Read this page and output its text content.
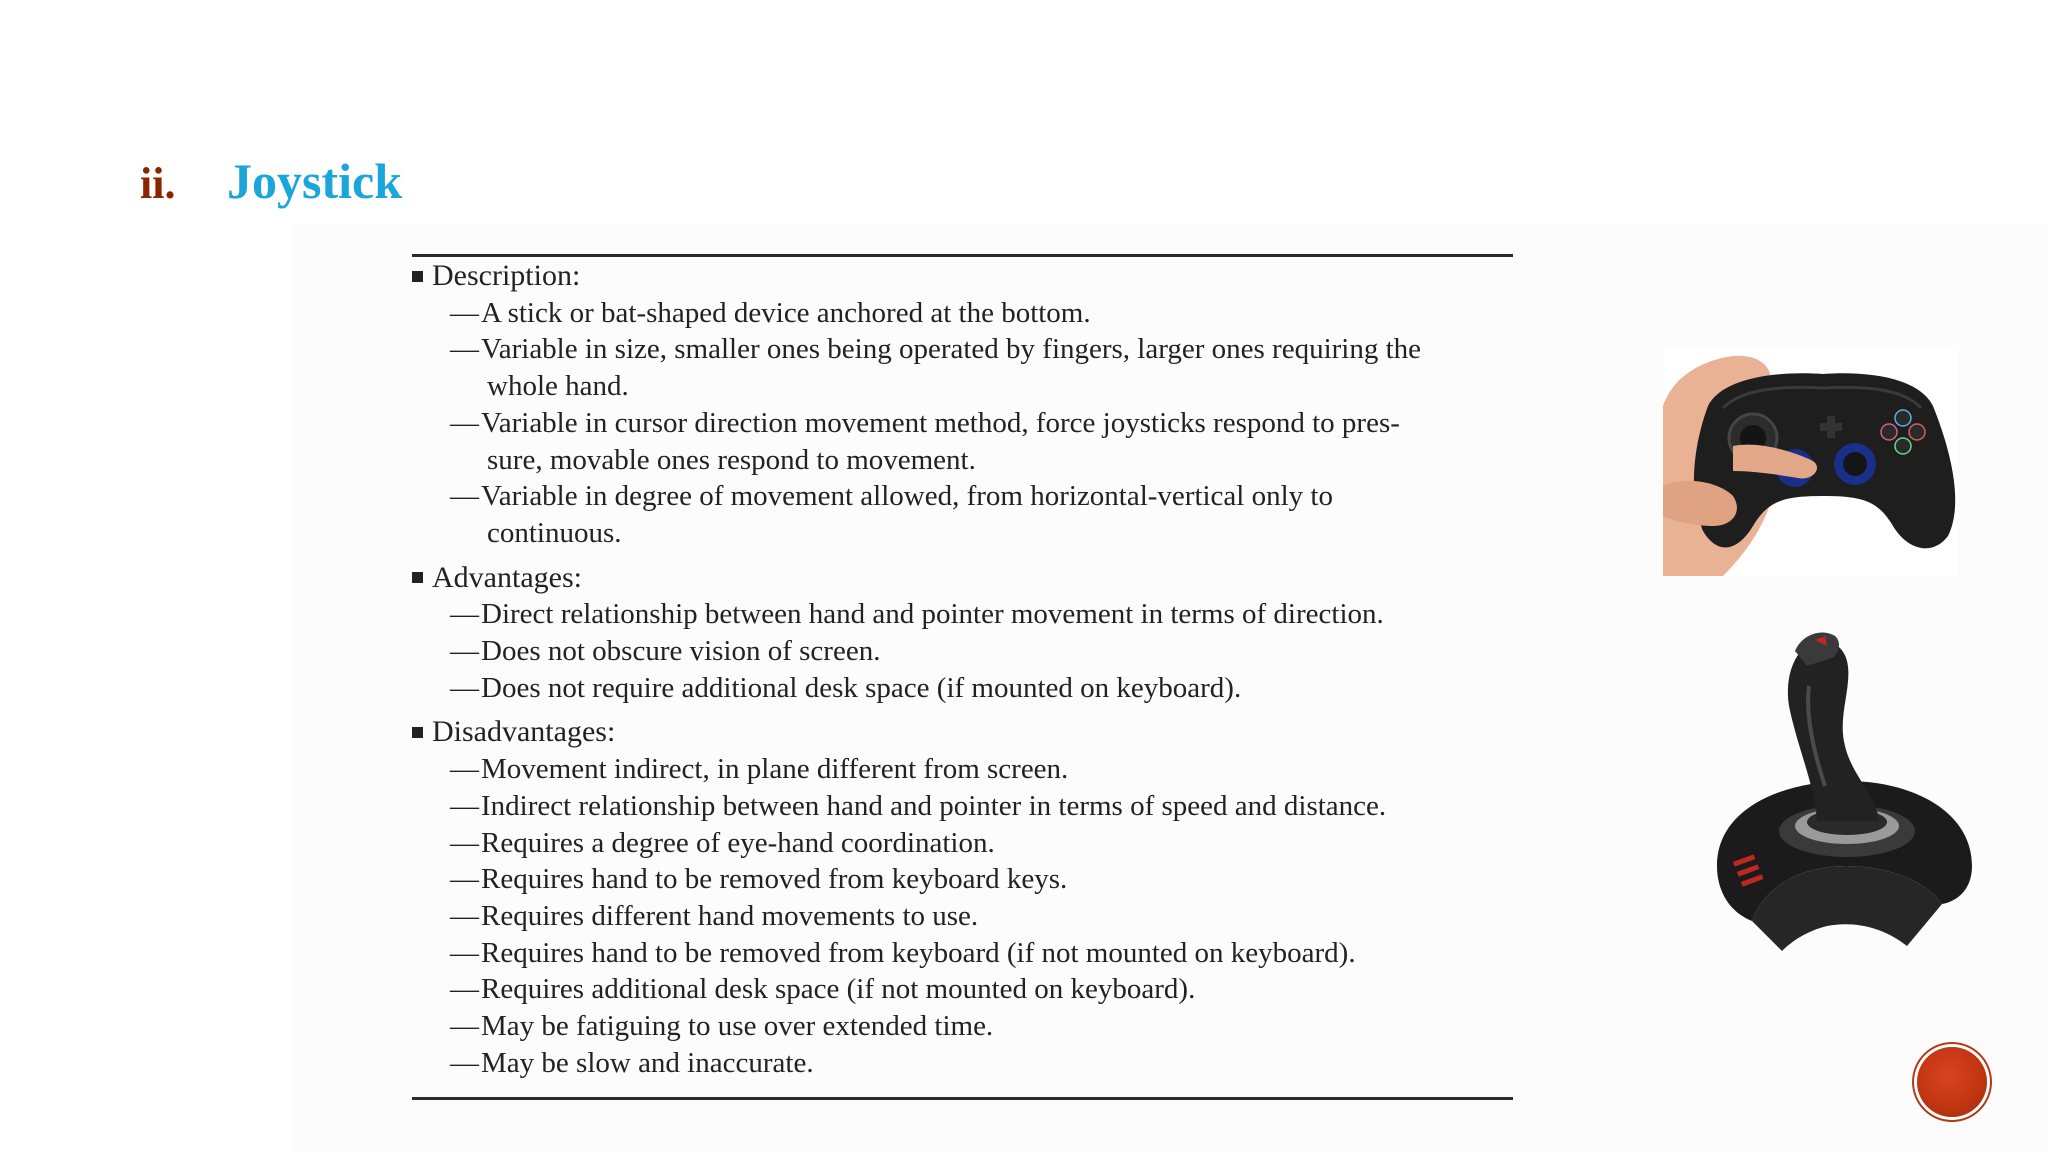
ii. Joystick
Description:
— A stick or bat-shaped device anchored at the bottom.
— Variable in size, smaller ones being operated by fingers, larger ones requiring the
whole hand.
— Variable in cursor direction movement method, force joysticks respond to pres-
sure, movable ones respond to movement.
— Variable in degree of movement allowed, from horizontal-vertical only to
continuous.
Advantages:
— Direct relationship between hand and pointer movement in terms of direction.
— Does not obscure vision of screen.
— Does not require additional desk space (if mounted on keyboard).
Disadvantages:
— Movement indirect, in plane different from screen.
— Indirect relationship between hand and pointer in terms of speed and distance.
— Requires a degree of eye-hand coordination.
— Requires hand to be removed from keyboard keys.
— Requires different hand movements to use.
— Requires hand to be removed from keyboard (if not mounted on keyboard).
— Requires additional desk space (if not mounted on keyboard).
— May be fatiguing to use over extended time.
— May be slow and inaccurate.
